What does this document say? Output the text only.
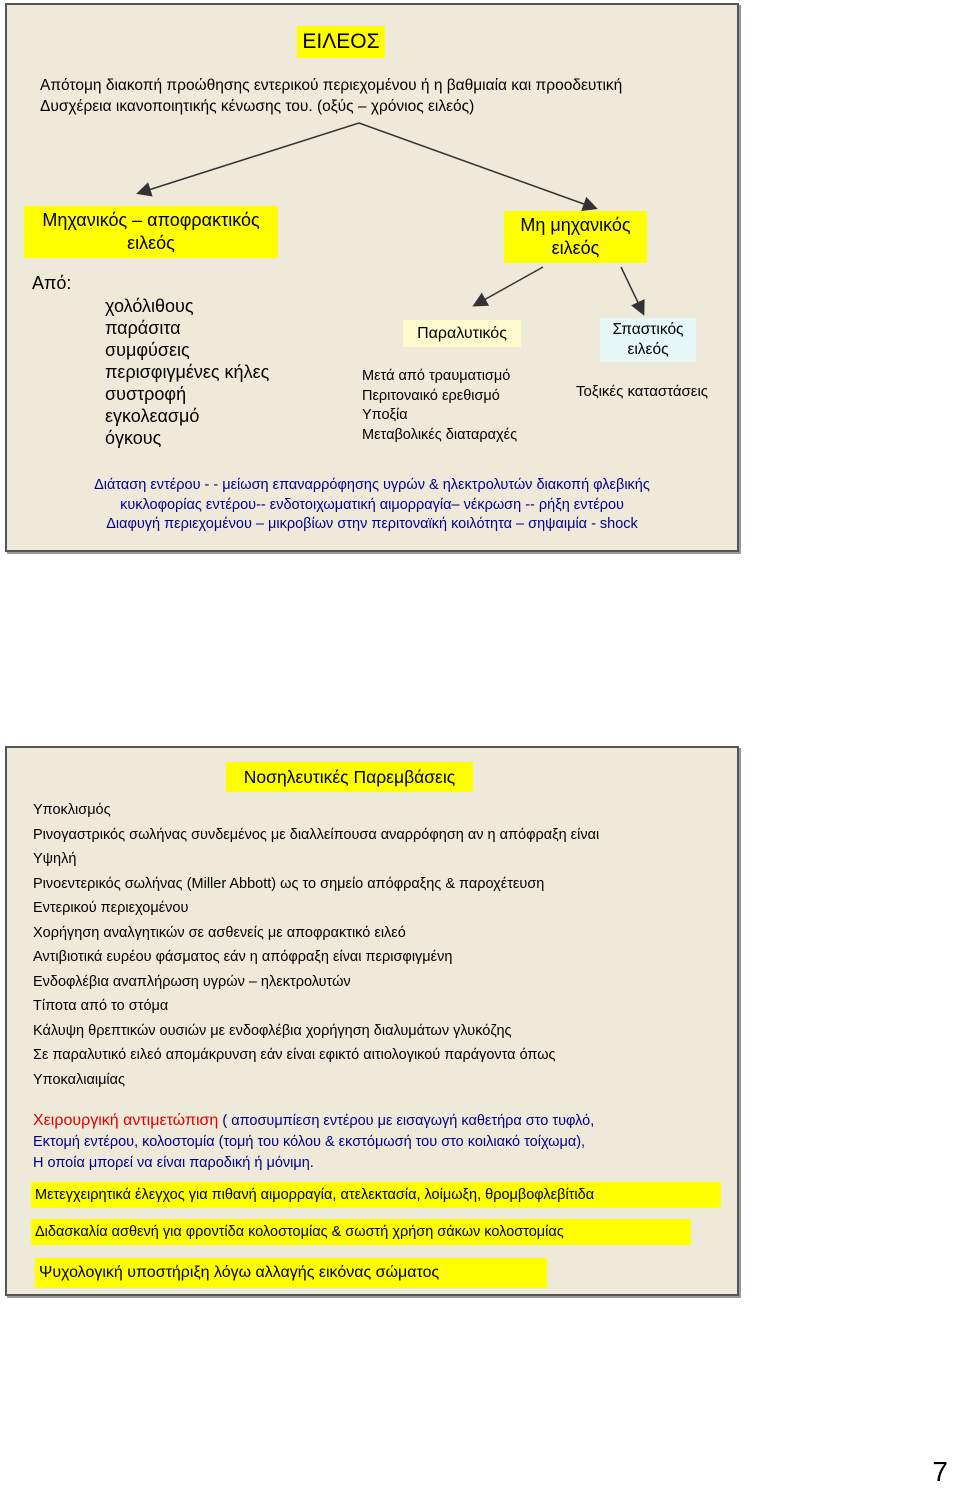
ΕΙΛΕΟΣ
Απότομη διακοπή προώθησης εντερικού περιεχομένου ή η βαθμιαία και προοδευτική
Δυσχέρεια ικανοποιητικής κένωσης του. (οξύς – χρόνιος ειλεός)
Μηχανικός – αποφρακτικός
ειλεός
Μη μηχανικός
ειλεός
Από:
χολόλιθους
παράσιτα
συμφύσεις
περισφιγμένες κήλες
συστροφή
εγκολεασμό
όγκους
Παραλυτικός
Μετά από τραυματισμό
Περιτοναικό ερεθισμό
Υποξία
Μεταβολικές διαταραχές
Σπαστικός
ειλεός
Τοξικές καταστάσεις
Διάταση εντέρου - - μείωση επαναρρόφησης υγρών & ηλεκτρολυτών διακοπή φλεβικής
κυκλοφορίας εντέρου-- ενδοτοιχωματική αιμορραγία– νέκρωση -- ρήξη εντέρου
Διαφυγή περιεχομένου – μικροβίων στην περιτοναϊκή κοιλότητα – σηψαιμία - shock
Νοσηλευτικές Παρεμβάσεις
Υποκλισμός
Ρινογαστρικός σωλήνας συνδεμένος με διαλλείπουσα αναρρόφηση αν η απόφραξη είναι
Υψηλή
Ρινοεντερικός σωλήνας (Miller Abbott) ως το σημείο απόφραξης & παροχέτευση
Εντερικού περιεχομένου
Χορήγηση αναλγητικών σε ασθενείς με αποφρακτικό ειλεό
Αντιβιοτικά ευρέου φάσματος εάν η απόφραξη είναι περισφιγμένη
Ενδοφλέβια αναπλήρωση υγρών – ηλεκτρολυτών
Τίποτα από το στόμα
Κάλυψη θρεπτικών ουσιών με ενδοφλέβια χορήγηση διαλυμάτων γλυκόζης
Σε παραλυτικό ειλεό απομάκρυνση εάν είναι εφικτό αιτιολογικού παράγοντα όπως
Υποκαλιαιμίας
Χειρουργική αντιμετώπιση ( αποσυμπίεση εντέρου με εισαγωγή καθετήρα στο τυφλό,
Εκτομή εντέρου, κολοστομία (τομή του κόλου & εκστόμωσή του στο κοιλιακό τοίχωμα),
Η οποία μπορεί να είναι παροδική ή μόνιμη.
Μετεγχειρητικά έλεγχος για πιθανή αιμορραγία, ατελεκτασία, λοίμωξη, θρομβοφλεβίτιδα
Διδασκαλία ασθενή για φροντίδα κολοστομίας & σωστή χρήση σάκων κολοστομίας
Ψυχολογική υποστήριξη λόγω αλλαγής εικόνας σώματος
7
